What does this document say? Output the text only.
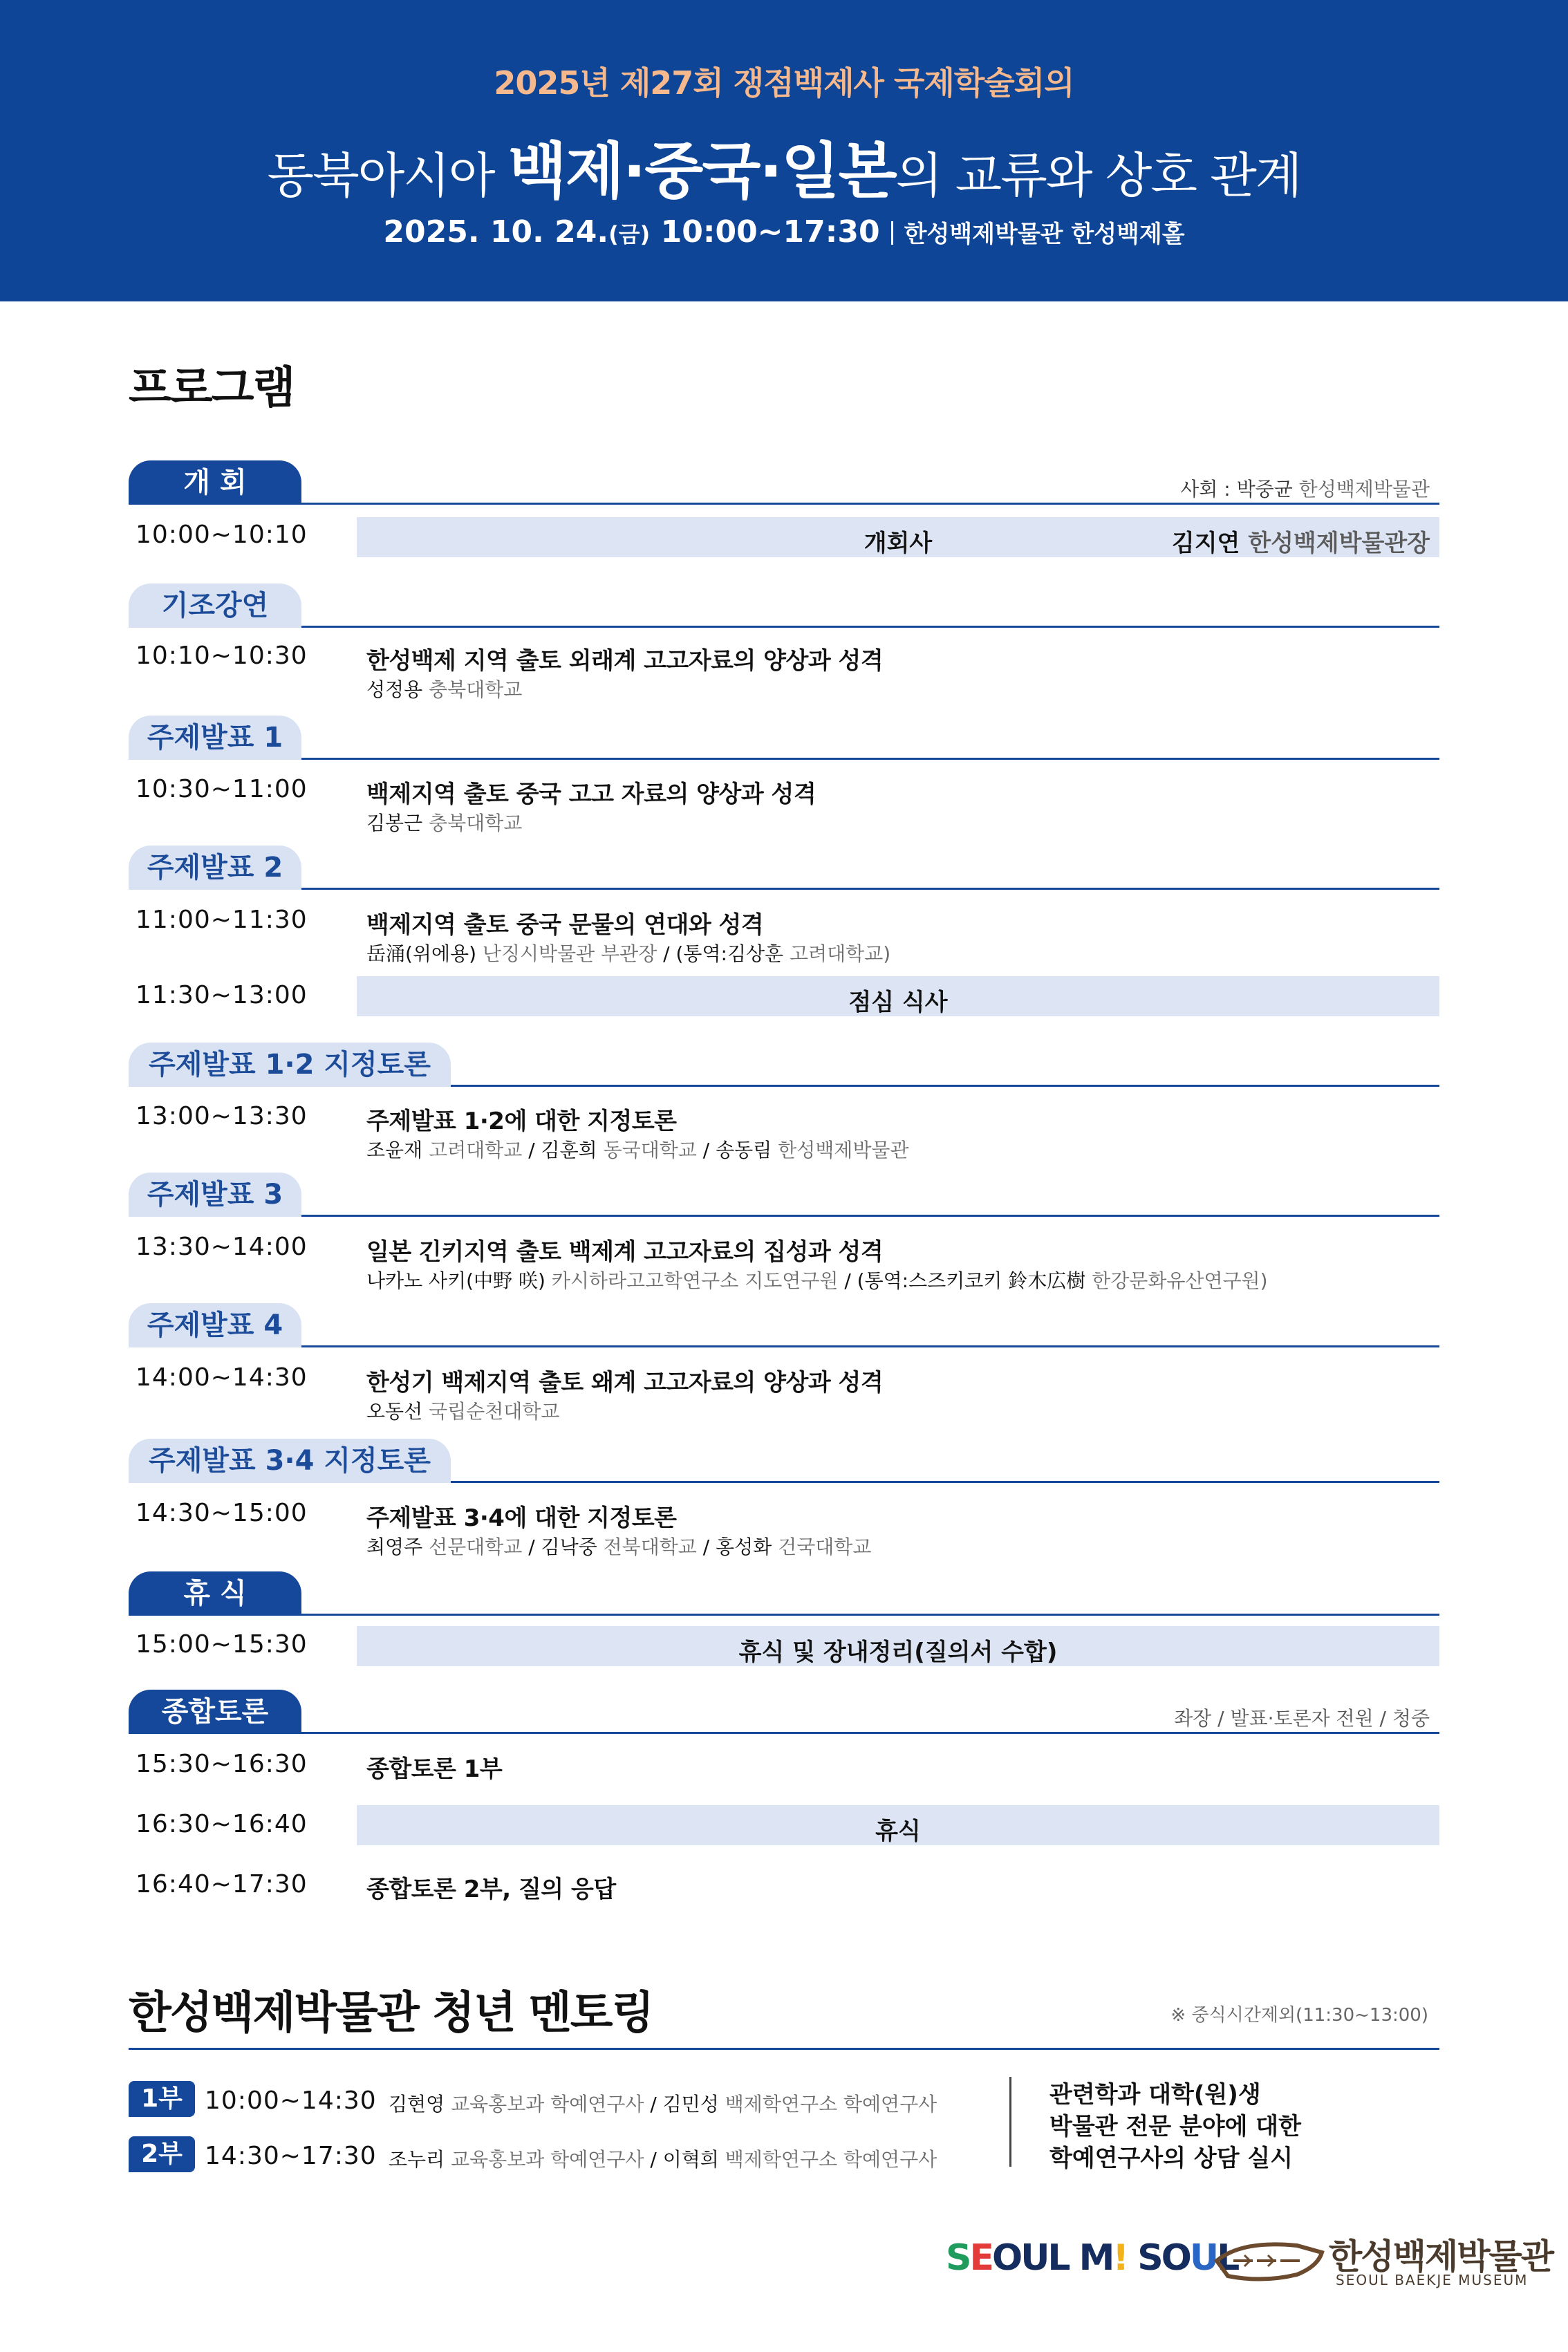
2025년 제27회 쟁점백제사 국제학술회의
동북아시아 백제·중국·일본의 교류와 상호 관계
2025. 10. 24.(금) 10:00~17:30 한성백제박물관 한성백제홀
프로그램
개 회	사회 : 박중균 한성백제박물관
10:00~10:10	개회사	김지연 한성백제박물관장
기조강연
10:10~10:30	한성백제 지역 출토 외래계 고고자료의 양상과 성격
성정용 충북대학교
주제발표 1
10:30~11:00	백제지역 출토 중국 고고 자료의 양상과 성격
김봉근 충북대학교
주제발표 2
11:00~11:30	백제지역 출토 중국 문물의 연대와 성격
岳涌(위에용) 난징시박물관 부관장 / (통역:김상훈 고려대학교)
11:30~13:00	점심 식사
주제발표 1·2 지정토론
13:00~13:30	주제발표 1·2에 대한 지정토론
조윤재 고려대학교 / 김훈희 동국대학교 / 송동림 한성백제박물관
주제발표 3
13:30~14:00	일본 긴키지역 출토 백제계 고고자료의 집성과 성격
나카노 사키(中野 咲) 카시하라고고학연구소 지도연구원 / (통역:스즈키코키 鈴木広樹 한강문화유산연구원)
주제발표 4
14:00~14:30	한성기 백제지역 출토 왜계 고고자료의 양상과 성격
오동선 국립순천대학교
주제발표 3·4 지정토론
14:30~15:00	주제발표 3·4에 대한 지정토론
최영주 선문대학교 / 김낙중 전북대학교 / 홍성화 건국대학교
휴 식
15:00~15:30	휴식 및 장내정리(질의서 수합)
종합토론	좌장 / 발표·토론자 전원 / 청중
15:30~16:30	종합토론 1부
16:30~16:40	휴식
16:40~17:30	종합토론 2부, 질의 응답
한성백제박물관 청년 멘토링	※ 중식시간제외(11:30~13:00)
1부 10:00~14:30 김현영 교육홍보과 학예연구사 / 김민성 백제학연구소 학예연구사
2부 14:30~17:30 조누리 교육홍보과 학예연구사 / 이혁희 백제학연구소 학예연구사
관련학과 대학(원)생
박물관 전문 분야에 대한
학예연구사의 상담 실시
SEOUL M! SOUL	한성백제박물관
SEOUL BAEKJE MUSEUM
